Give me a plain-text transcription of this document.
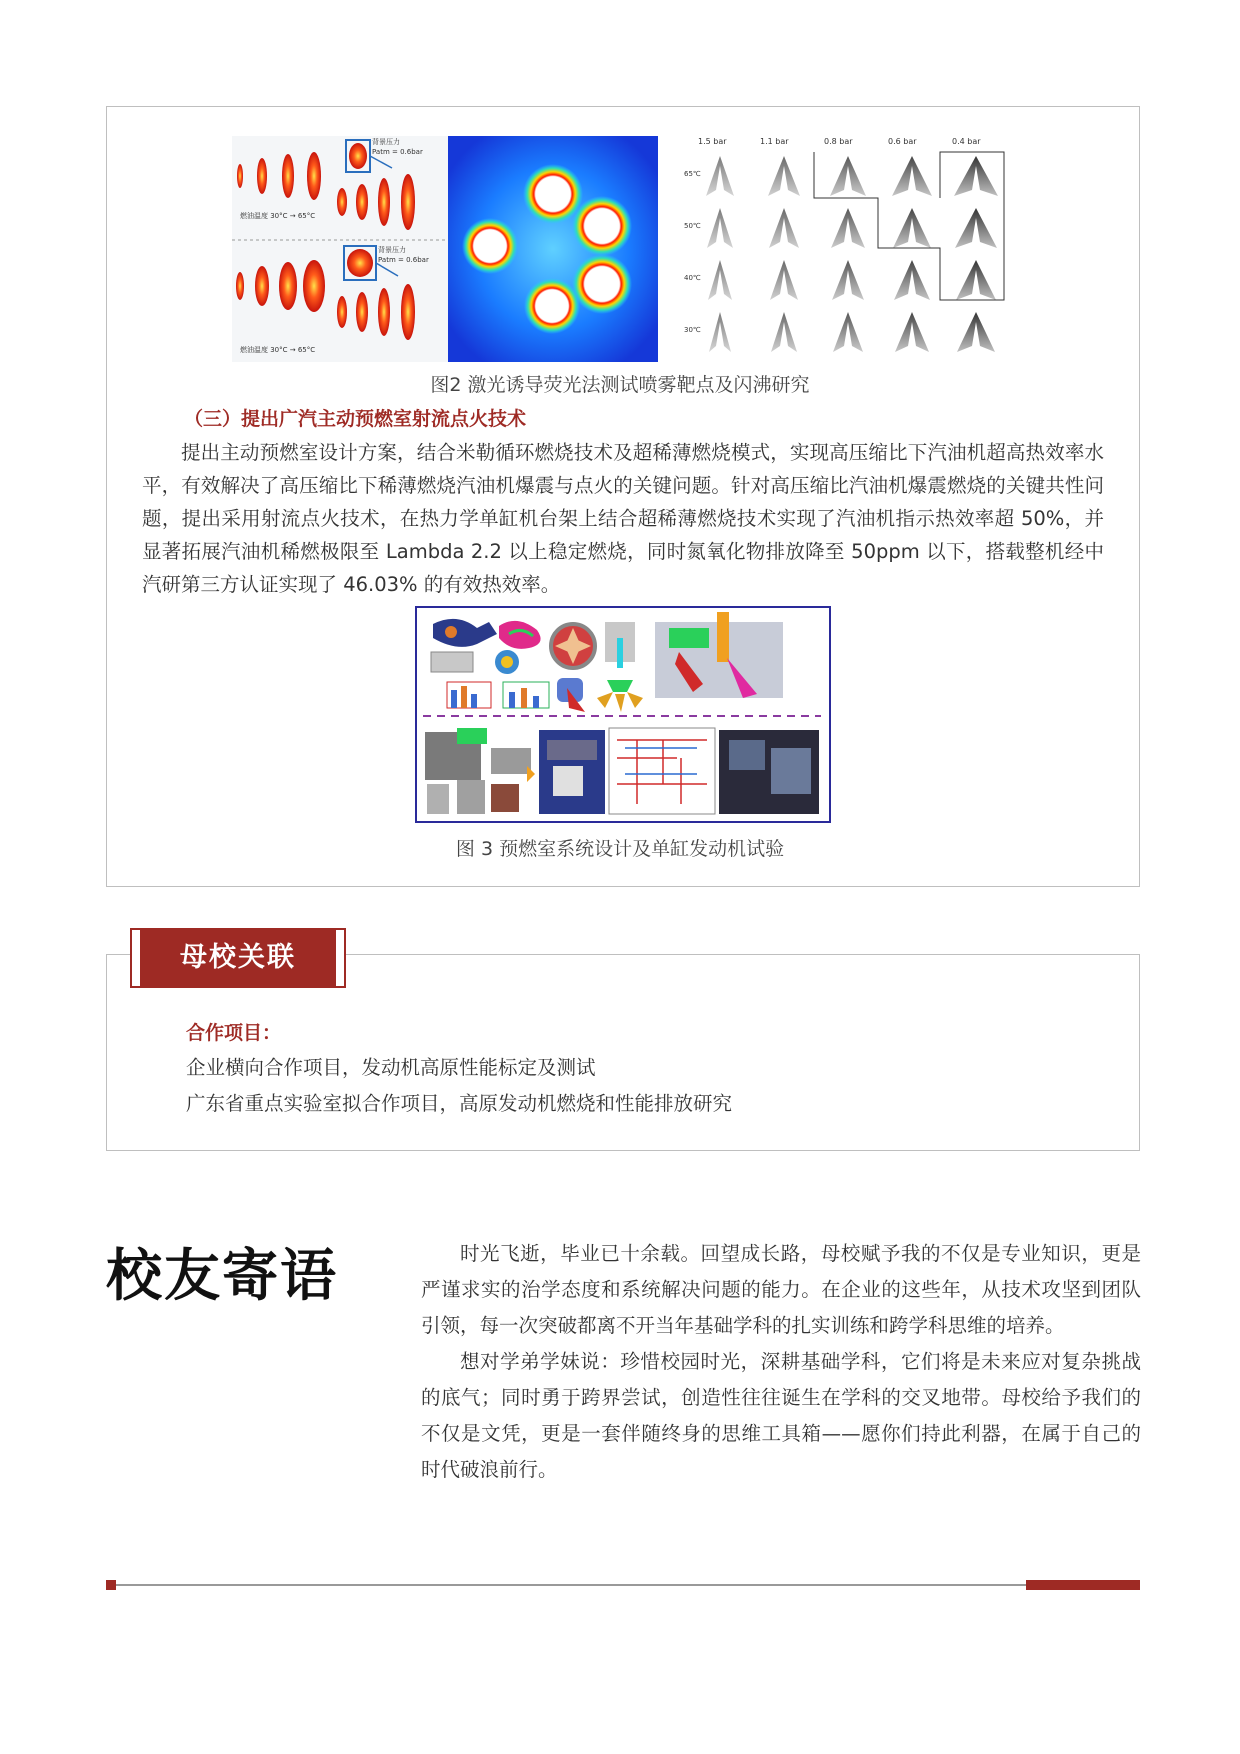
背景压力
Patm = 0.6bar
燃油温度 30°C → 65°C
背景压力
Patm = 0.6bar
燃油温度 30°C → 65°C
1.5 bar	1.1 bar	0.8 bar	0.6 bar	0.4 bar
65℃
50℃
40℃
30℃
图2 激光诱导荧光法测试喷雾靶点及闪沸研究
（三）提出广汽主动预燃室射流点火技术
提出主动预燃室设计方案，结合米勒循环燃烧技术及超稀薄燃烧模式，实现高压缩比下汽油机超高热效率水平，有效解决了高压缩比下稀薄燃烧汽油机爆震与点火的关键问题。针对高压缩比汽油机爆震燃烧的关键共性问题，提出采用射流点火技术，在热力学单缸机台架上结合超稀薄燃烧技术实现了汽油机指示热效率超 50%，并显著拓展汽油机稀燃极限至 Lambda 2.2 以上稳定燃烧，同时氮氧化物排放降至 50ppm 以下，搭载整机经中汽研第三方认证实现了 46.03% 的有效热效率。
图 3 预燃室系统设计及单缸发动机试验
母校关联
合作项目：
企业横向合作项目，发动机高原性能标定及测试
广东省重点实验室拟合作项目，高原发动机燃烧和性能排放研究
校友寄语	时光飞逝，毕业已十余载。回望成长路，母校赋予我的不仅是专业知识，更是严谨求实的治学态度和系统解决问题的能力。在企业的这些年，从技术攻坚到团队引领，每一次突破都离不开当年基础学科的扎实训练和跨学科思维的培养。

想对学弟学妹说：珍惜校园时光，深耕基础学科，它们将是未来应对复杂挑战的底气；同时勇于跨界尝试，创造性往往诞生在学科的交叉地带。母校给予我们的不仅是文凭，更是一套伴随终身的思维工具箱——愿你们持此利器，在属于自己的时代破浪前行。
